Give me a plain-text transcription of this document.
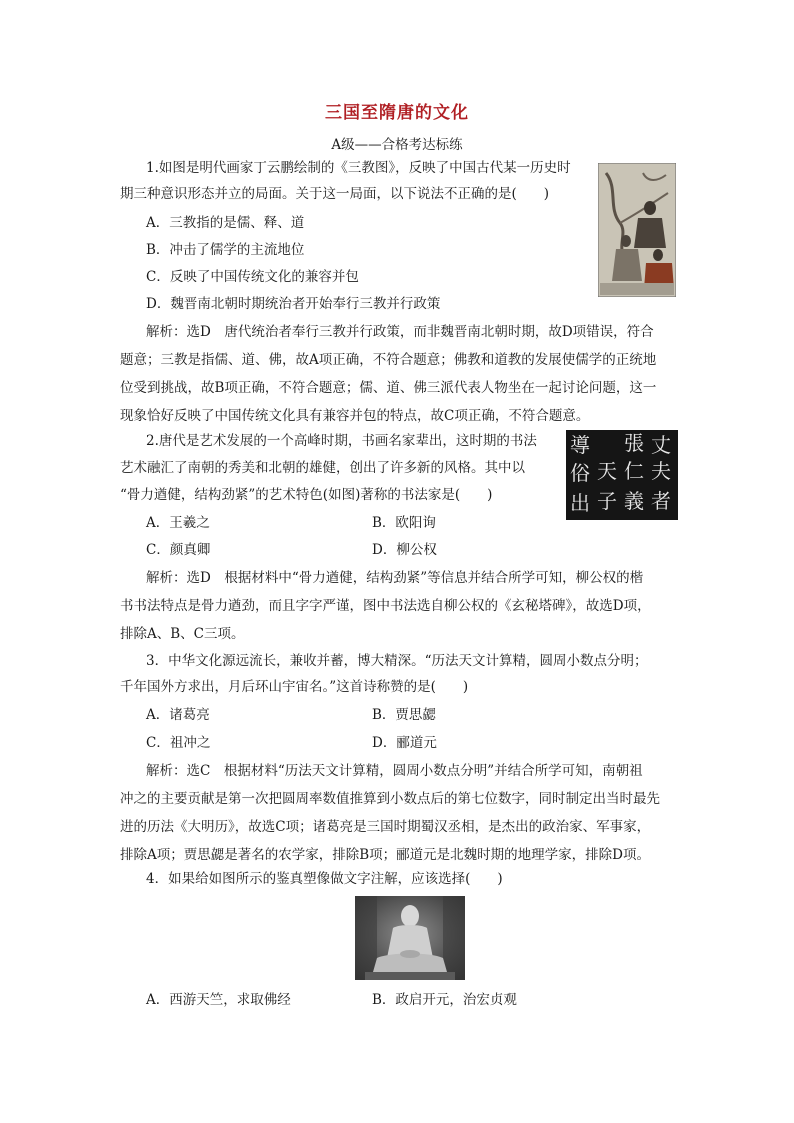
三国至隋唐的文化
A级——合格考达标练
1.如图是明代画家丁云鹏绘制的《三教图》，反映了中国古代某一历史时
期三种意识形态并立的局面。关于这一局面，以下说法不正确的是(　　)
A．三教指的是儒、释、道
B．冲击了儒学的主流地位
C．反映了中国传统文化的兼容并包
D．魏晋南北朝时期统治者开始奉行三教并行政策
解析：选D　唐代统治者奉行三教并行政策，而非魏晋南北朝时期，故D项错误，符合
题意；三教是指儒、道、佛，故A项正确，不符合题意；佛教和道教的发展使儒学的正统地
位受到挑战，故B项正确，不符合题意；儒、道、佛三派代表人物坐在一起讨论问题，这一
现象恰好反映了中国传统文化具有兼容并包的特点，故C项正确，不符合题意。
2.唐代是艺术发展的一个高峰时期，书画名家辈出，这时期的书法
艺术融汇了南朝的秀美和北朝的雄健，创出了许多新的风格。其中以
“骨力遒健，结构劲紧”的艺术特色(如图)著称的书法家是(　　)
A．王羲之	B．欧阳询
C．颜真卿	D．柳公权
解析：选D　根据材料中“骨力遒健，结构劲紧”等信息并结合所学可知，柳公权的楷
书书法特点是骨力遒劲，而且字字严谨，图中书法选自柳公权的《玄秘塔碑》，故选D项，
排除A、B、C三项。
丈
張
導
夫
仁
俗
者
義
子
天
出
3．中华文化源远流长，兼收并蓄，博大精深。“历法天文计算精，圆周小数点分明；
千年国外方求出，月后环山宇宙名。”这首诗称赞的是(　　)
A．诸葛亮	B．贾思勰
C．祖冲之	D．郦道元
解析：选C　根据材料“历法天文计算精，圆周小数点分明”并结合所学可知，南朝祖
冲之的主要贡献是第一次把圆周率数值推算到小数点后的第七位数字，同时制定出当时最先
进的历法《大明历》，故选C项；诸葛亮是三国时期蜀汉丞相，是杰出的政治家、军事家，
排除A项；贾思勰是著名的农学家，排除B项；郦道元是北魏时期的地理学家，排除D项。
4．如果给如图所示的鉴真塑像做文字注解，应该选择(　　)
A．西游天竺，求取佛经	B．政启开元，治宏贞观
